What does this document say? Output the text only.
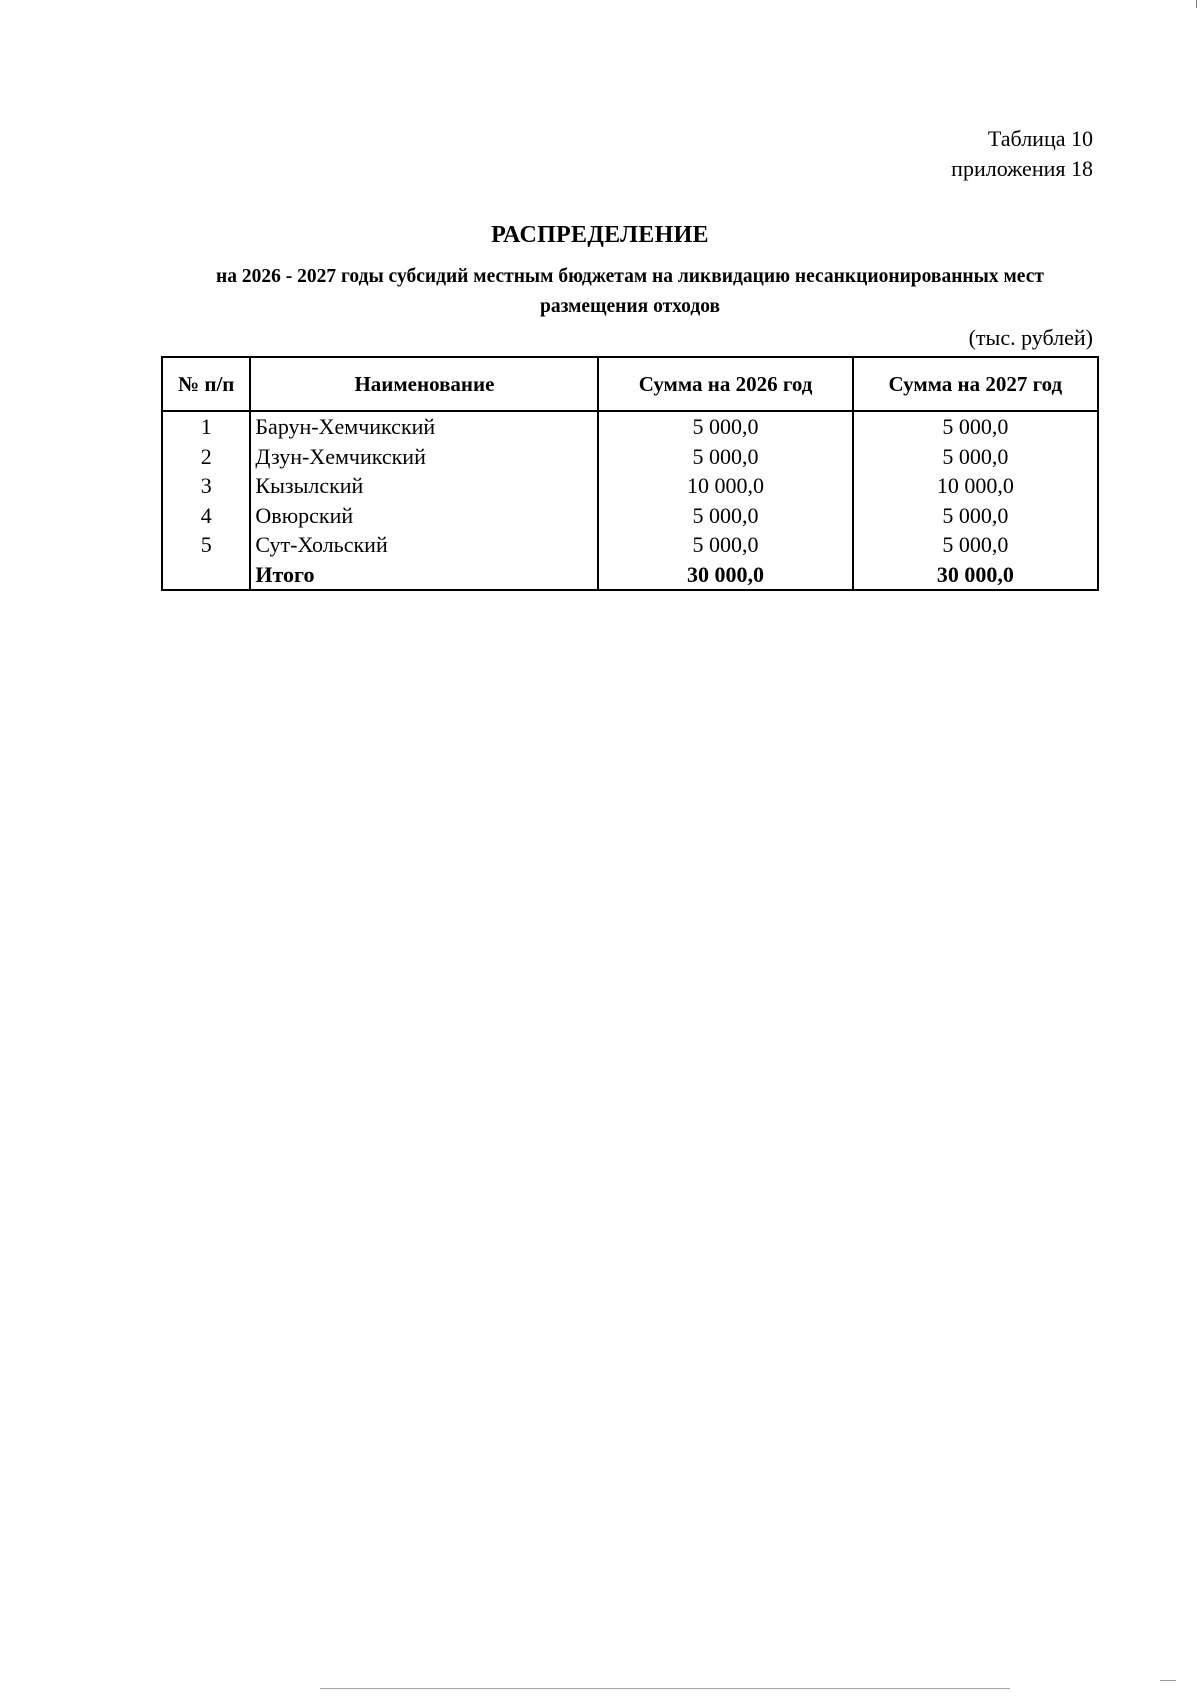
Таблица 10
приложения 18
РАСПРЕДЕЛЕНИЕ
на 2026 - 2027 годы субсидий местным бюджетам на ликвидацию несанкционированных мест размещения отходов
(тыс. рублей)
№ п/п	Наименование	Сумма на 2026 год	Сумма на 2027 год
1	Барун-Хемчикский	5 000,0	5 000,0
2	Дзун-Хемчикский	5 000,0	5 000,0
3	Кызылский	10 000,0	10 000,0
4	Овюрский	5 000,0	5 000,0
5	Сут-Хольский	5 000,0	5 000,0
	Итого	30 000,0	30 000,0
